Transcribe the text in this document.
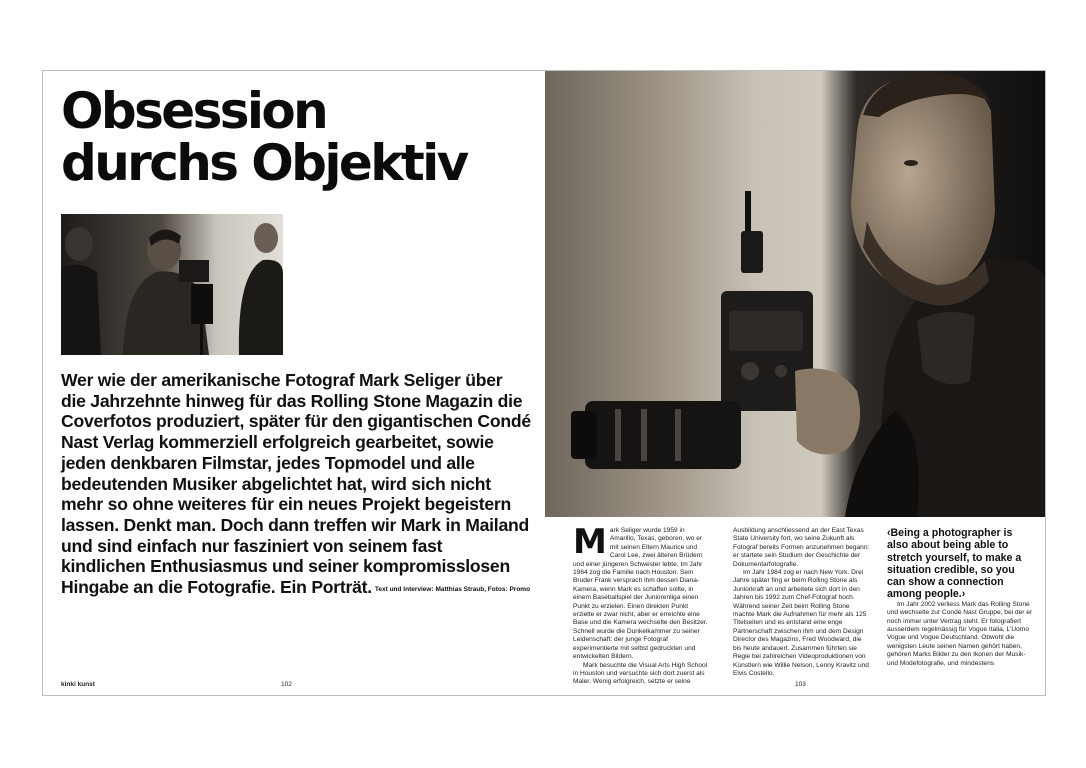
Obsession
durchs Objektiv

Wer wie der amerikanische Fotograf Mark Seliger über die Jahrzehnte hinweg für das Rolling Stone Magazin die Coverfotos produziert, später für den gigantischen Condé Nast Verlag kommerziell erfolgreich gearbeitet, sowie jeden denkbaren Filmstar, jedes Topmodel und alle bedeutenden Musiker abgelichtet hat, wird sich nicht mehr so ohne weiteres für ein neues Projekt begeistern lassen. Denkt man. Doch dann treffen wir Mark in Mailand und sind einfach nur fasziniert von seinem fast kindlichen Enthusiasmus und seiner kompromisslosen Hingabe an die Fotografie. Ein Porträt. Text und Interview: Matthias Straub, Fotos: Promo

kinki kunst	102	103

Mark Seliger wurde 1959 in Amarillo, Texas, geboren, wo er mit seinen Eltern Maurice und Carol Lee, zwei älteren Brüdern und einer jüngeren Schwester lebte. Im Jahr 1964 zog die Familie nach Houston. Sein Bruder Frank versprach ihm dessen Diana-Kamera, wenn Mark es schaffen sollte, in einem Baseballspiel der Juniorenliga einen Punkt zu erzielen. Einen direkten Punkt erzielte er zwar nicht, aber er erreichte eine Base und die Kamera wechselte den Besitzer. Schnell wurde die Dunkelkammer zu seiner Leidenschaft: der junge Fotograf experimentierte mit selbst gedruckten und entwickelten Bildern.

Mark besuchte die Visual Arts High School in Houston und versuchte sich dort zuerst als Maler. Wenig erfolgreich, setzte er seine

Ausbildung anschliessend an der East Texas State University fort, wo seine Zukunft als Fotograf bereits Formen anzunehmen begann: er startete sein Studium der Geschichte der Dokumentarfotografie.

Im Jahr 1984 zog er nach New York. Drei Jahre später fing er beim Rolling Stone als Juniorkraft an und arbeitete sich dort in den Jahren bis 1992 zum Chef-Fotograf hoch. Während seiner Zeit beim Rolling Stone machte Mark die Aufnahmen für mehr als 125 Titelseiten und es entstand eine enge Partnerschaft zwischen ihm und dem Design Director des Magazins, Fred Woodward, die bis heute andauert. Zusammen führten sie Regie bei zahlreichen Videoproduktionen von Künstlern wie Willie Nelson, Lenny Kravitz und Elvis Costello.

‹Being a photographer is also about being able to stretch yourself, to make a situation credible, so you can show a connection among people.›

Im Jahr 2002 verliess Mark das Rolling Stone und wechselte zur Condé Nast Gruppe, bei der er noch immer unter Vertrag steht. Er fotografiert ausserdem regelmässig für Vogue Italia, L'Uomo Vogue und Vogue Deutschland. Obwohl die wenigsten Leute seinen Namen gehört haben, gehören Marks Bilder zu den Ikonen der Musik- und Modefotografie, und mindestens
